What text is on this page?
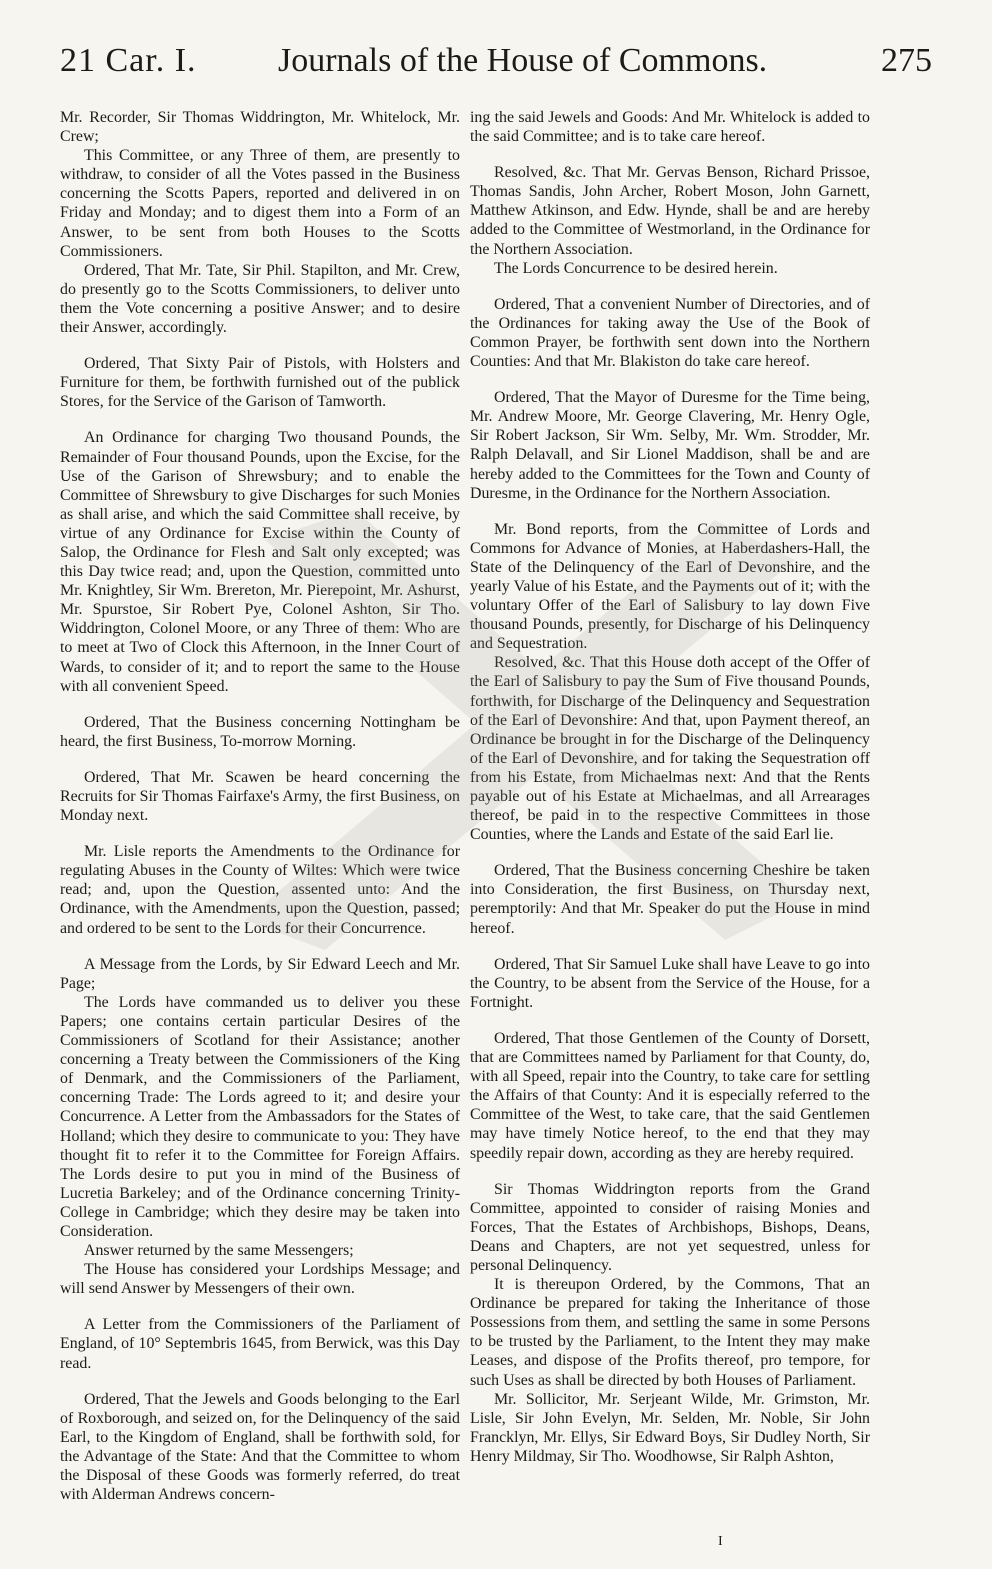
21 Car. I. Journals of the House of Commons.	275

Mr. Recorder, Sir Thomas Widdrington, Mr. Whitelock, Mr. Crew;

This Committee, or any Three of them, are presently to withdraw, to consider of all the Votes passed in the Business concerning the Scotts Papers, reported and delivered in on Friday and Monday; and to digest them into a Form of an Answer, to be sent from both Houses to the Scotts Commissioners.

Ordered, That Mr. Tate, Sir Phil. Stapilton, and Mr. Crew, do presently go to the Scotts Commissioners, to deliver unto them the Vote concerning a positive Answer; and to desire their Answer, accordingly.

Ordered, That Sixty Pair of Pistols, with Holsters and Furniture for them, be forthwith furnished out of the publick Stores, for the Service of the Garison of Tamworth.

An Ordinance for charging Two thousand Pounds, the Remainder of Four thousand Pounds, upon the Excise, for the Use of the Garison of Shrewsbury; and to enable the Committee of Shrewsbury to give Discharges for such Monies as shall arise, and which the said Committee shall receive, by virtue of any Ordinance for Excise within the County of Salop, the Ordinance for Flesh and Salt only excepted; was this Day twice read; and, upon the Question, committed unto Mr. Knightley, Sir Wm. Brereton, Mr. Pierepoint, Mr. Ashurst, Mr. Spurstoe, Sir Robert Pye, Colonel Ashton, Sir Tho. Widdrington, Colonel Moore, or any Three of them: Who are to meet at Two of Clock this Afternoon, in the Inner Court of Wards, to consider of it; and to report the same to the House with all convenient Speed.

Ordered, That the Business concerning Nottingham be heard, the first Business, To-morrow Morning.

Ordered, That Mr. Scawen be heard concerning the Recruits for Sir Thomas Fairfaxe's Army, the first Business, on Monday next.

Mr. Lisle reports the Amendments to the Ordinance for regulating Abuses in the County of Wiltes: Which were twice read; and, upon the Question, assented unto: And the Ordinance, with the Amendments, upon the Question, passed; and ordered to be sent to the Lords for their Concurrence.

A Message from the Lords, by Sir Edward Leech and Mr. Page;

The Lords have commanded us to deliver you these Papers; one contains certain particular Desires of the Commissioners of Scotland for their Assistance; another concerning a Treaty between the Commissioners of the King of Denmark, and the Commissioners of the Parliament, concerning Trade: The Lords agreed to it; and desire your Concurrence. A Letter from the Ambassadors for the States of Holland; which they desire to communicate to you: They have thought fit to refer it to the Committee for Foreign Affairs. The Lords desire to put you in mind of the Business of Lucretia Barkeley; and of the Ordinance concerning Trinity-College in Cambridge; which they desire may be taken into Consideration.

Answer returned by the same Messengers;

The House has considered your Lordships Message; and will send Answer by Messengers of their own.

A Letter from the Commissioners of the Parliament of England, of 10° Septembris 1645, from Berwick, was this Day read.

Ordered, That the Jewels and Goods belonging to the Earl of Roxborough, and seized on, for the Delinquency of the said Earl, to the Kingdom of England, shall be forthwith sold, for the Advantage of the State: And that the Committee to whom the Disposal of these Goods was formerly referred, do treat with Alderman Andrews concern-

ing the said Jewels and Goods: And Mr. Whitelock is added to the said Committee; and is to take care hereof.

Resolved, &c. That Mr. Gervas Benson, Richard Prissoe, Thomas Sandis, John Archer, Robert Moson, John Garnett, Matthew Atkinson, and Edw. Hynde, shall be and are hereby added to the Committee of Westmorland, in the Ordinance for the Northern Association.

The Lords Concurrence to be desired herein.

Ordered, That a convenient Number of Directories, and of the Ordinances for taking away the Use of the Book of Common Prayer, be forthwith sent down into the Northern Counties: And that Mr. Blakiston do take care hereof.

Ordered, That the Mayor of Duresme for the Time being, Mr. Andrew Moore, Mr. George Clavering, Mr. Henry Ogle, Sir Robert Jackson, Sir Wm. Selby, Mr. Wm. Strodder, Mr. Ralph Delavall, and Sir Lionel Maddison, shall be and are hereby added to the Committees for the Town and County of Duresme, in the Ordinance for the Northern Association.

Mr. Bond reports, from the Committee of Lords and Commons for Advance of Monies, at Haberdashers-Hall, the State of the Delinquency of the Earl of Devonshire, and the yearly Value of his Estate, and the Payments out of it; with the voluntary Offer of the Earl of Salisbury to lay down Five thousand Pounds, presently, for Discharge of his Delinquency and Sequestration.

Resolved, &c. That this House doth accept of the Offer of the Earl of Salisbury to pay the Sum of Five thousand Pounds, forthwith, for Discharge of the Delinquency and Sequestration of the Earl of Devonshire: And that, upon Payment thereof, an Ordinance be brought in for the Discharge of the Delinquency of the Earl of Devonshire, and for taking the Sequestration off from his Estate, from Michaelmas next: And that the Rents payable out of his Estate at Michaelmas, and all Arrearages thereof, be paid in to the respective Committees in those Counties, where the Lands and Estate of the said Earl lie.

Ordered, That the Business concerning Cheshire be taken into Consideration, the first Business, on Thursday next, peremptorily: And that Mr. Speaker do put the House in mind hereof.

Ordered, That Sir Samuel Luke shall have Leave to go into the Country, to be absent from the Service of the House, for a Fortnight.

Ordered, That those Gentlemen of the County of Dorsett, that are Committees named by Parliament for that County, do, with all Speed, repair into the Country, to take care for settling the Affairs of that County: And it is especially referred to the Committee of the West, to take care, that the said Gentlemen may have timely Notice hereof, to the end that they may speedily repair down, according as they are hereby required.

Sir Thomas Widdrington reports from the Grand Committee, appointed to consider of raising Monies and Forces, That the Estates of Archbishops, Bishops, Deans, Deans and Chapters, are not yet sequestred, unless for personal Delinquency.

It is thereupon Ordered, by the Commons, That an Ordinance be prepared for taking the Inheritance of those Possessions from them, and settling the same in some Persons to be trusted by the Parliament, to the Intent they may make Leases, and dispose of the Profits thereof, pro tempore, for such Uses as shall be directed by both Houses of Parliament.

Mr. Sollicitor, Mr. Serjeant Wilde, Mr. Grimston, Mr. Lisle, Sir John Evelyn, Mr. Selden, Mr. Noble, Sir John Francklyn, Mr. Ellys, Sir Edward Boys, Sir Dudley North, Sir Henry Mildmay, Sir Tho. Woodhowse, Sir Ralph Ashton,

I
